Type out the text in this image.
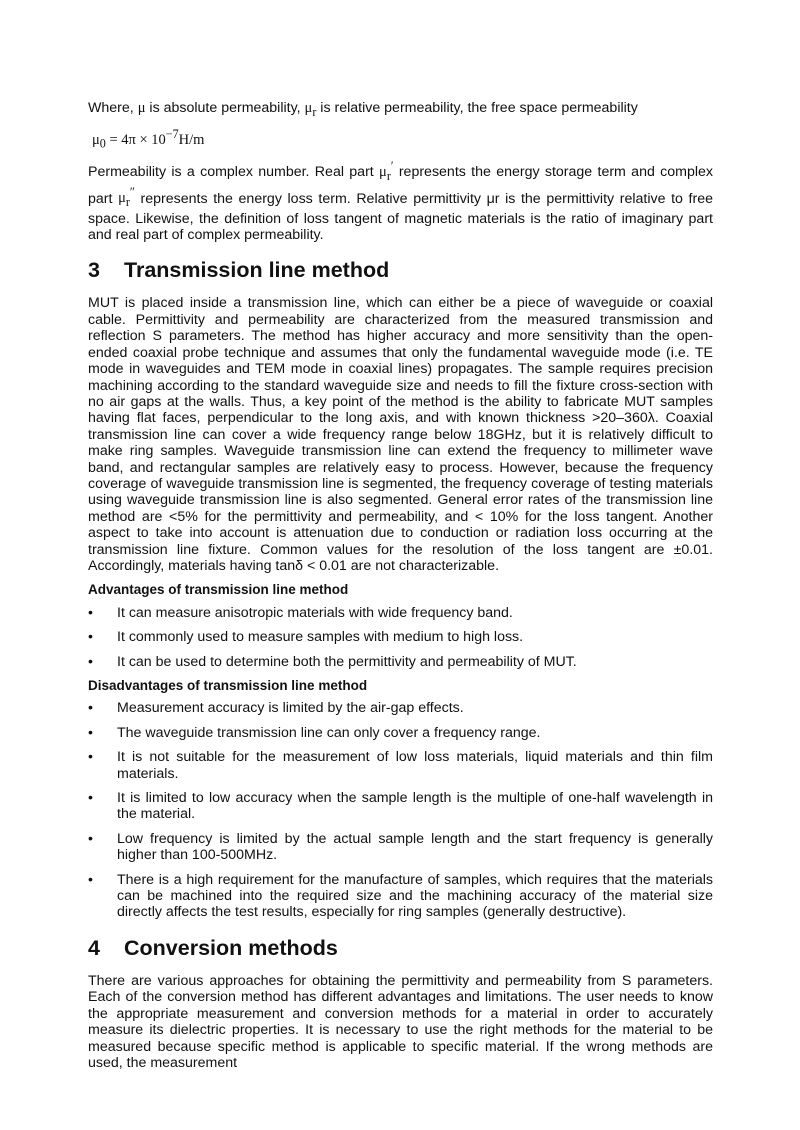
Where, μ is absolute permeability, $\mu_r$ is relative permeability, the free space permeability

$\mu_0 = 4\pi \times 10^{-7}H/m$

Permeability is a complex number. Real part $\mu_r'$ represents the energy storage term and complex part $\mu_r''$ represents the energy loss term. Relative permittivity μr is the permittivity relative to free space. Likewise, the definition of loss tangent of magnetic materials is the ratio of imaginary part and real part of complex permeability.

3 Transmission line method

MUT is placed inside a transmission line, which can either be a piece of waveguide or coaxial cable. Permittivity and permeability are characterized from the measured transmission and reflection S parameters. The method has higher accuracy and more sensitivity than the open-ended coaxial probe technique and assumes that only the fundamental waveguide mode (i.e. TE mode in waveguides and TEM mode in coaxial lines) propagates. The sample requires precision machining according to the standard waveguide size and needs to fill the fixture cross-section with no air gaps at the walls. Thus, a key point of the method is the ability to fabricate MUT samples having flat faces, perpendicular to the long axis, and with known thickness >20–360λ. Coaxial transmission line can cover a wide frequency range below 18GHz, but it is relatively difficult to make ring samples. Waveguide transmission line can extend the frequency to millimeter wave band, and rectangular samples are relatively easy to process. However, because the frequency coverage of waveguide transmission line is segmented, the frequency coverage of testing materials using waveguide transmission line is also segmented. General error rates of the transmission line method are <5% for the permittivity and permeability, and < 10% for the loss tangent. Another aspect to take into account is attenuation due to conduction or radiation loss occurring at the transmission line fixture. Common values for the resolution of the loss tangent are ±0.01. Accordingly, materials having tanδ < 0.01 are not characterizable.

Advantages of transmission line method
• It can measure anisotropic materials with wide frequency band.
• It commonly used to measure samples with medium to high loss.
• It can be used to determine both the permittivity and permeability of MUT.
Disadvantages of transmission line method
• Measurement accuracy is limited by the air-gap effects.
• The waveguide transmission line can only cover a frequency range.
• It is not suitable for the measurement of low loss materials, liquid materials and thin film materials.
• It is limited to low accuracy when the sample length is the multiple of one-half wavelength in the material.
• Low frequency is limited by the actual sample length and the start frequency is generally higher than 100-500MHz.
• There is a high requirement for the manufacture of samples, which requires that the materials can be machined into the required size and the machining accuracy of the material size directly affects the test results, especially for ring samples (generally destructive).
4 Conversion methods

There are various approaches for obtaining the permittivity and permeability from S parameters. Each of the conversion method has different advantages and limitations. The user needs to know the appropriate measurement and conversion methods for a material in order to accurately measure its dielectric properties. It is necessary to use the right methods for the material to be measured because specific method is applicable to specific material. If the wrong methods are used, the measurement
